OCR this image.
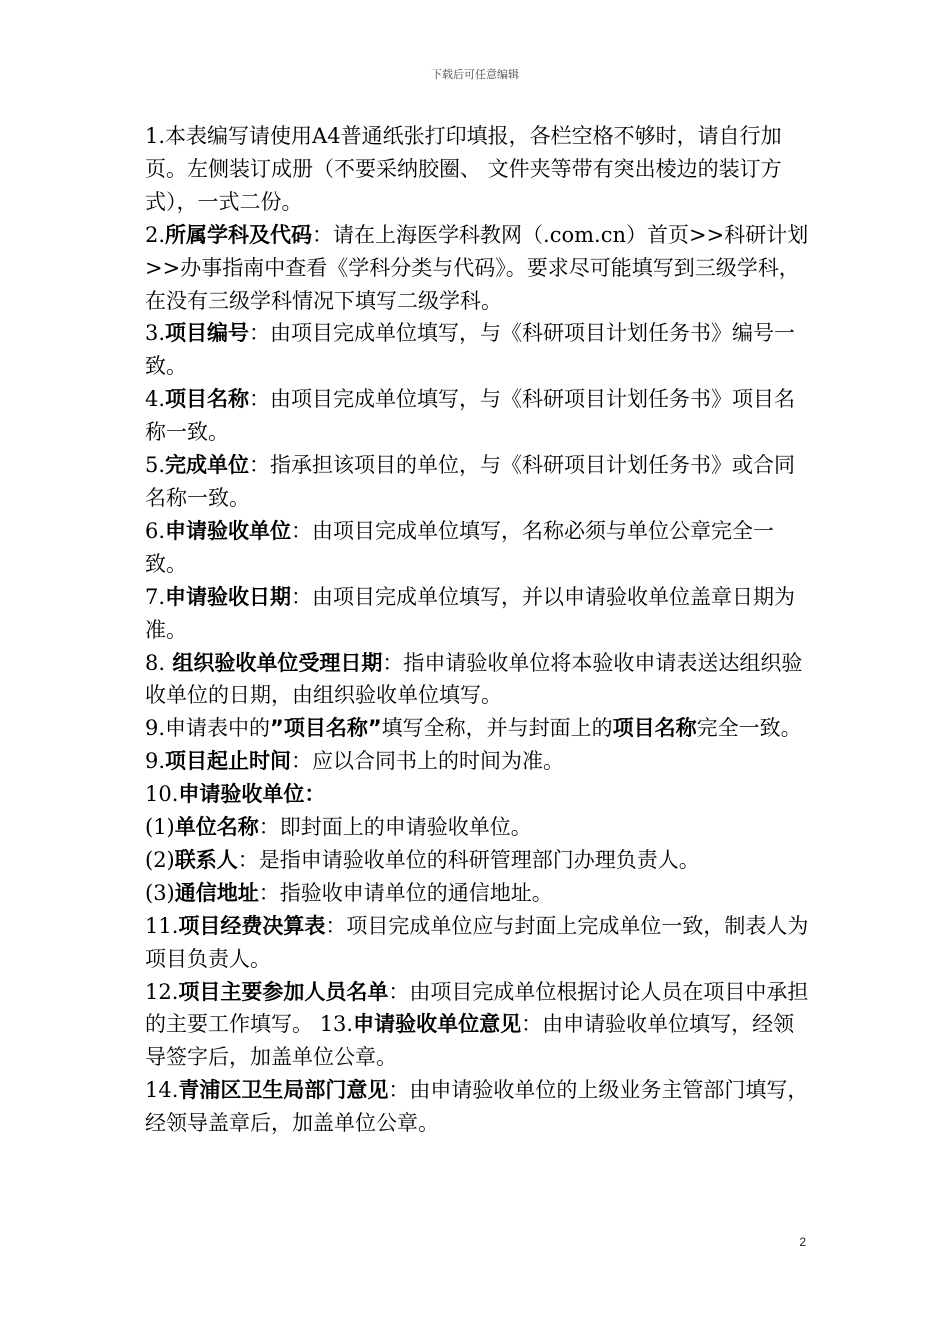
下载后可任意编辑

1.本表编写请使用A4普通纸张打印填报，各栏空格不够时，请自行加页。左侧装订成册（不要采纳胶圈、 文件夹等带有突出棱边的装订方式），一式二份。

2.所属学科及代码：请在上海医学科教网（.com.cn）首页>>科研计划>>办事指南中查看《学科分类与代码》。要求尽可能填写到三级学科，在没有三级学科情况下填写二级学科。

3.项目编号：由项目完成单位填写，与《科研项目计划任务书》编号一致。

4.项目名称：由项目完成单位填写，与《科研项目计划任务书》项目名称一致。

5.完成单位：指承担该项目的单位，与《科研项目计划任务书》或合同名称一致。

6.申请验收单位：由项目完成单位填写，名称必须与单位公章完全一致。

7.申请验收日期：由项目完成单位填写，并以申请验收单位盖章日期为准。

8. 组织验收单位受理日期：指申请验收单位将本验收申请表送达组织验收单位的日期，由组织验收单位填写。

9.申请表中的”项目名称”填写全称，并与封面上的项目名称完全一致。

9.项目起止时间：应以合同书上的时间为准。

10.申请验收单位：

(1)单位名称：即封面上的申请验收单位。

(2)联系人：是指申请验收单位的科研管理部门办理负责人。

(3)通信地址：指验收申请单位的通信地址。

11.项目经费决算表：项目完成单位应与封面上完成单位一致，制表人为项目负责人。

12.项目主要参加人员名单：由项目完成单位根据讨论人员在项目中承担的主要工作填写。 13.申请验收单位意见：由申请验收单位填写，经领导签字后，加盖单位公章。

14.青浦区卫生局部门意见：由申请验收单位的上级业务主管部门填写，经领导盖章后，加盖单位公章。

2
